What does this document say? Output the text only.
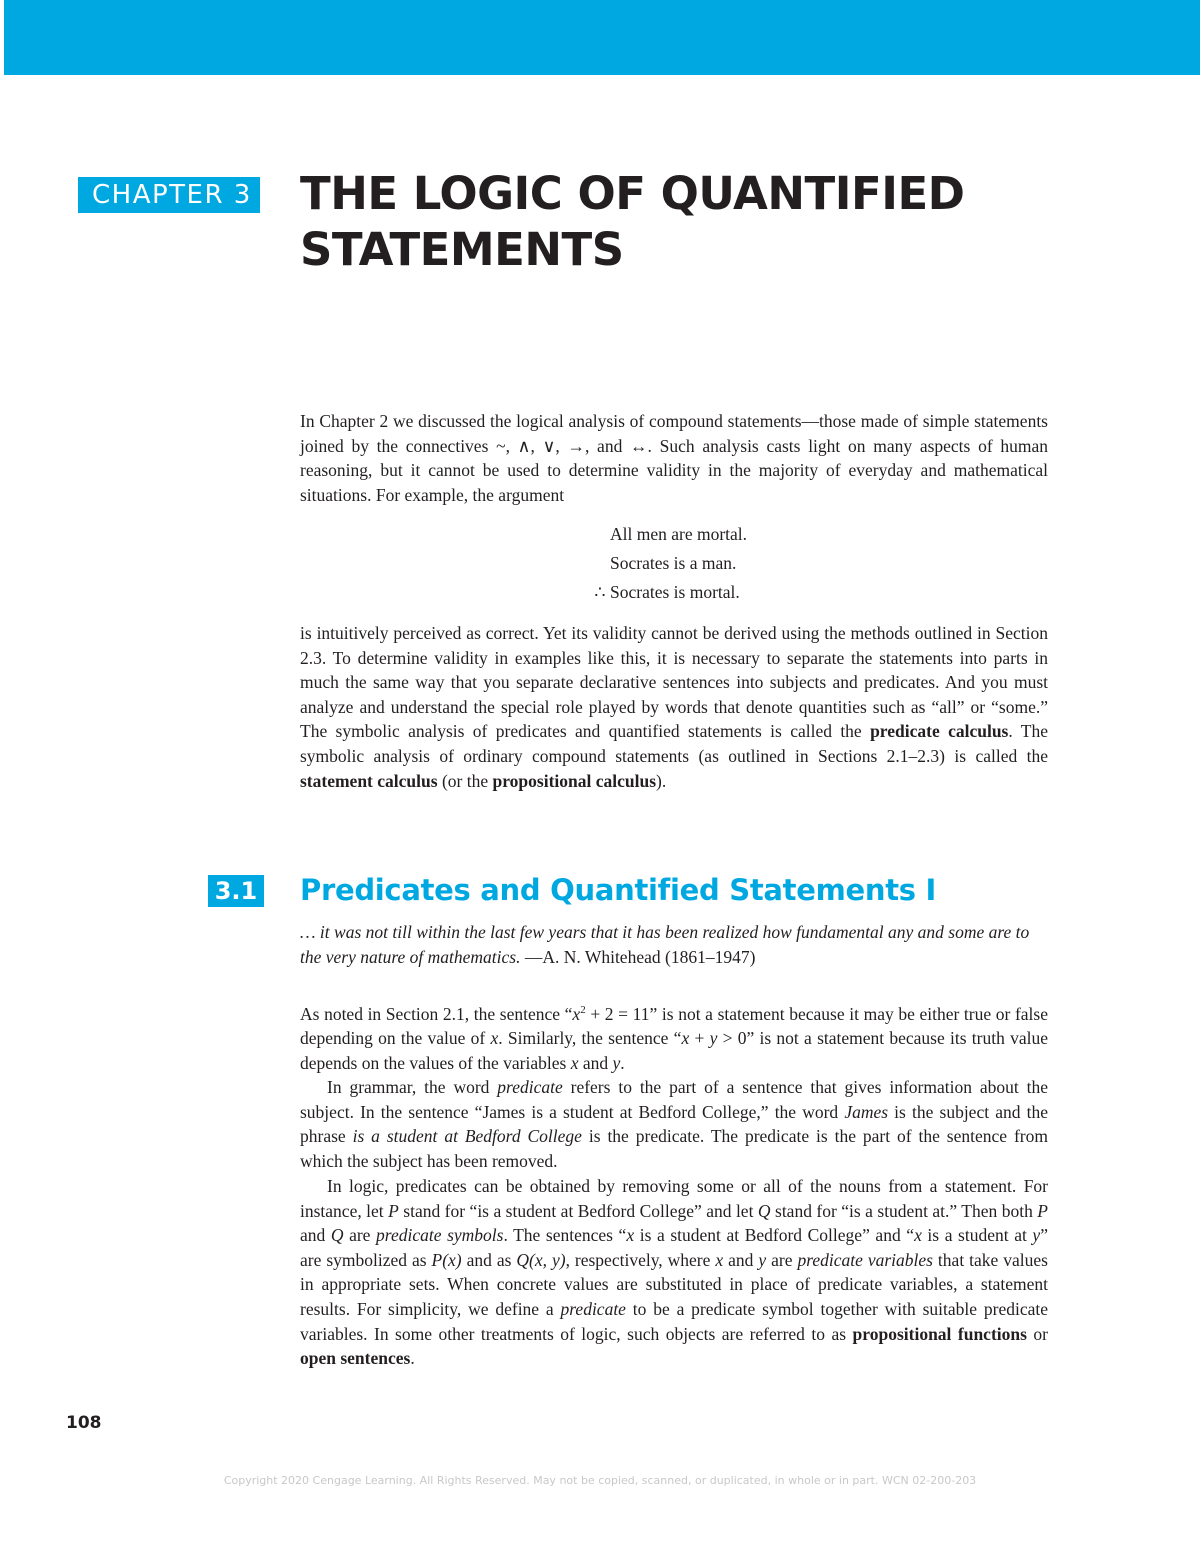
CHAPTER 3 THE LOGIC OF QUANTIFIED STATEMENTS

In Chapter 2 we discussed the logical analysis of compound statements—those made of simple statements joined by the connectives ~, ∧, ∨, →, and ↔. Such analysis casts light on many aspects of human reasoning, but it cannot be used to determine validity in the majority of everyday and mathematical situations. For example, the argument

All men are mortal.
Socrates is a man.
∴ Socrates is mortal.

is intuitively perceived as correct. Yet its validity cannot be derived using the methods outlined in Section 2.3. To determine validity in examples like this, it is necessary to separate the statements into parts in much the same way that you separate declarative sentences into subjects and predicates. And you must analyze and understand the special role played by words that denote quantities such as “all” or “some.” The symbolic analysis of predicates and quantified statements is called the predicate calculus. The symbolic analysis of ordinary compound statements (as outlined in Sections 2.1–2.3) is called the statement calculus (or the propositional calculus).

3.1 Predicates and Quantified Statements I
… it was not till within the last few years that it has been realized how fundamental any and some are to the very nature of mathematics. —A. N. Whitehead (1861–1947)

As noted in Section 2.1, the sentence “$x^2 + 2 = 11$” is not a statement because it may be either true or false depending on the value of x. Similarly, the sentence “x + y > 0” is not a statement because its truth value depends on the values of the variables x and y.

In grammar, the word predicate refers to the part of a sentence that gives information about the subject. In the sentence “James is a student at Bedford College,” the word James is the subject and the phrase is a student at Bedford College is the predicate. The predicate is the part of the sentence from which the subject has been removed.

In logic, predicates can be obtained by removing some or all of the nouns from a statement. For instance, let P stand for “is a student at Bedford College” and let Q stand for “is a student at.” Then both P and Q are predicate symbols. The sentences “x is a student at Bedford College” and “x is a student at y” are symbolized as P(x) and as Q(x, y), respectively, where x and y are predicate variables that take values in appropriate sets. When concrete values are substituted in place of predicate variables, a statement results. For simplicity, we define a predicate to be a predicate symbol together with suitable predicate variables. In some other treatments of logic, such objects are referred to as propositional functions or open sentences.

108
Copyright 2020 Cengage Learning. All Rights Reserved. May not be copied, scanned, or duplicated, in whole or in part. WCN 02-200-203
